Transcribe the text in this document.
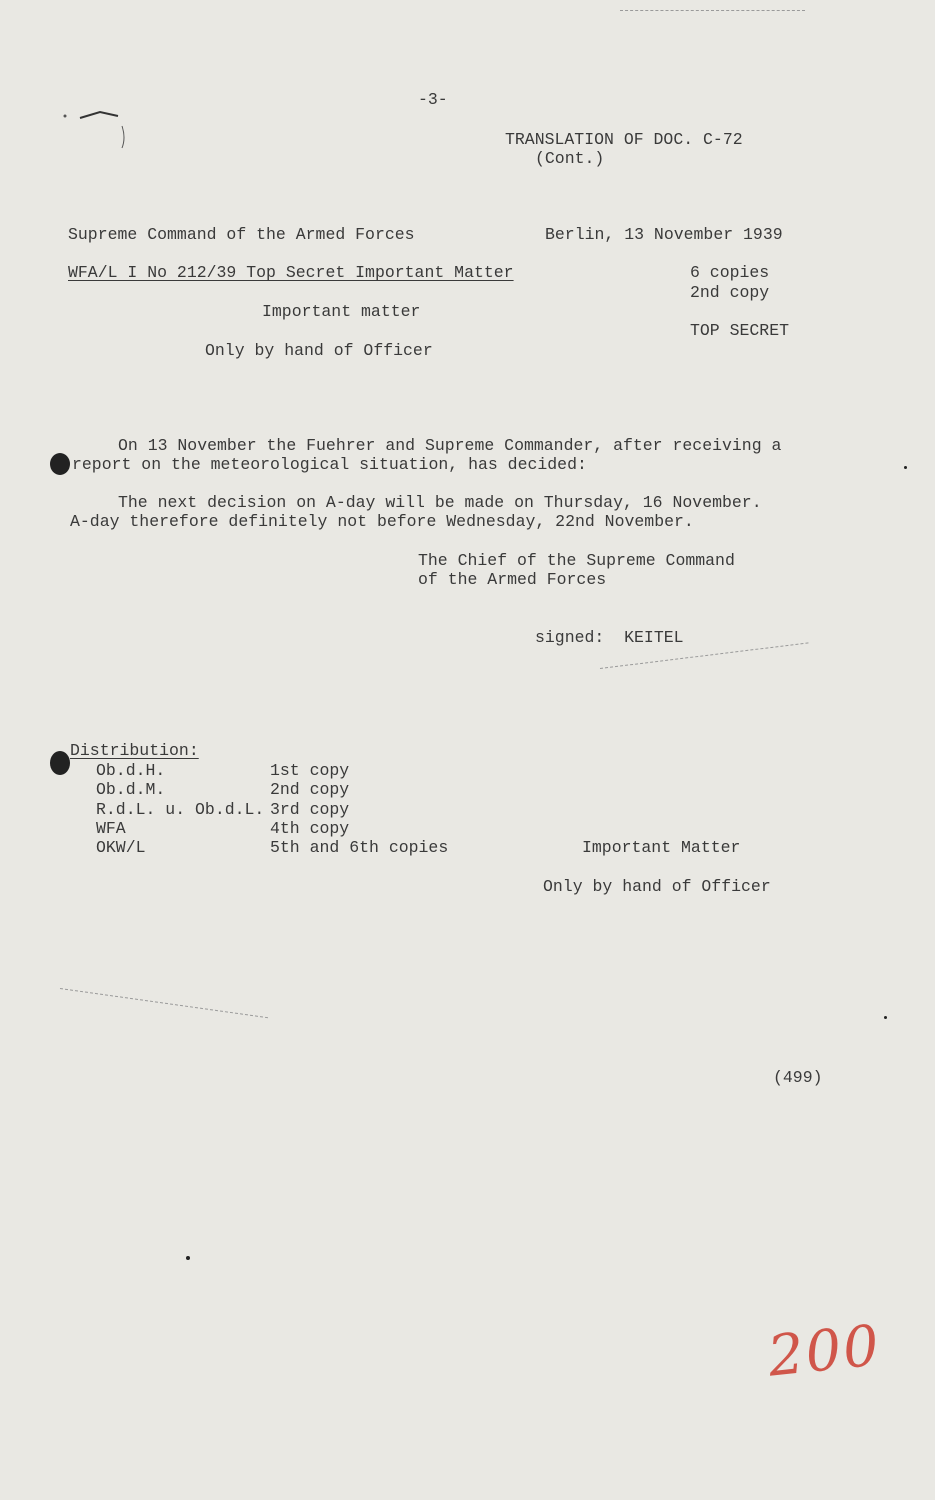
-3-
TRANSLATION OF DOC. C-72
(Cont.)
Supreme Command of the Armed Forces	Berlin, 13 November 1939
WFA/L I No 212/39 Top Secret Important Matter	6 copies
2nd copy
Important matter
TOP SECRET
Only by hand of Officer
On 13 November the Fuehrer and Supreme Commander, after receiving a
report on the meteorological situation, has decided:
The next decision on A-day will be made on Thursday, 16 November.
A-day therefore definitely not before Wednesday, 22nd November.
The Chief of the Supreme Command
of the Armed Forces
signed:  KEITEL
Distribution:
Ob.d.H.	1st copy
Ob.d.M.	2nd copy
R.d.L. u. Ob.d.L. 3rd copy
WFA	4th copy
OKW/L	5th and 6th copies	Important Matter
Only by hand of Officer
(499)
200
